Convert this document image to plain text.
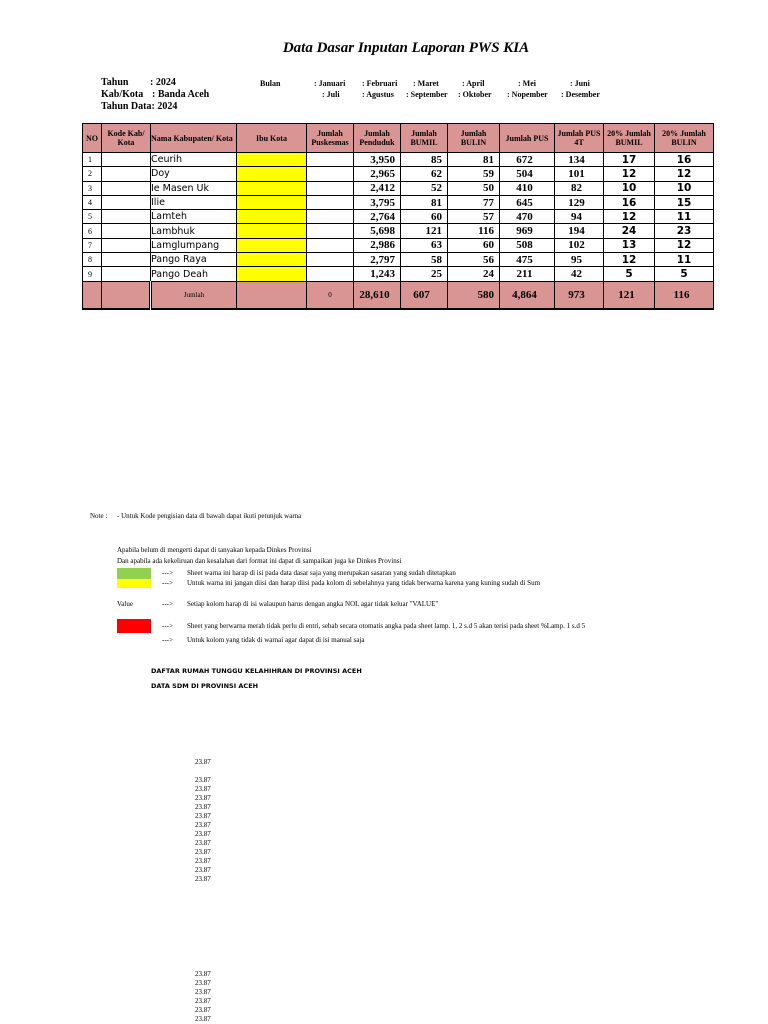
Data Dasar Inputan Laporan PWS KIA
Tahun : 2024
Kab/Kota : Banda Aceh
Tahun Data: 2024
Bulan	: Januari : Februari : Maret	: April	: Mei	: Juni
: Juli	: Agustus : September : Oktober : Nopember : Desember
NO	Kode Kab/ Kota	Nama Kabupaten/ Kota	Ibu Kota	Jumlah Puskesmas	Jumlah Penduduk	Jumlah BUMIL	Jumlah BULIN	Jumlah PUS	Jumlah PUS 4T	20% Jumlah BUMIL	20% Jumlah BULIN
1		Ceurih			3,950	85	81	672	134	17	16
2		Doy			2,965	62	59	504	101	12	12
3		Ie Masen Uk			2,412	52	50	410	82	10	10
4		Ilie			3,795	81	77	645	129	16	15
5		Lamteh			2,764	60	57	470	94	12	11
6		Lambhuk			5,698	121	116	969	194	24	23
7		Lamglumpang			2,986	63	60	508	102	13	12
8		Pango Raya			2,797	58	56	475	95	12	11
9		Pango Deah			1,243	25	24	211	42	5	5
		Jumlah		0	28,610	607	580	4,864	973	121	116
Note : - Untuk Kode pengisian data di bawah dapat ikuti petunjuk warna
Apabila belum di mengerti dapat di tanyakan kepada Dinkes Provinsi
Dan apabila ada kekeliruan dan kesalahan dari format ini dapat di sampaikan juga ke Dinkes Provinsi
---> Sheet warna ini harap di isi pada data dasar saja yang merupakan sasaran yang sudah ditetapkan
---> Untuk warna ini jangan diisi dan harap diisi pada kolom di sebelahnya yang tidak berwarna karena yang kuning sudah di Sum
Value	---> Setiap kolom harap di isi walaupun harus dengan angka NOL agar tidak keluar "VALUE"
---> Sheet yang berwarna merah tidak perlu di entri, sebab secara otomatis angka pada sheet lamp. 1, 2 s.d 5 akan terisi pada sheet %Lamp. 1 s.d 5
---> Untuk kolom yang tidak di warnai agar dapat di isi manual saja
DAFTAR RUMAH TUNGGU KELAHIHRAN DI PROVINSI ACEH
DATA SDM DI PROVINSI ACEH
23.87
23.87
23.87
23.87
23.87
23.87
23.87
23.87
23.87
23.87
23.87
23.87
23.87
23.87
23.87
23.87
23.87
23.87
23.87
